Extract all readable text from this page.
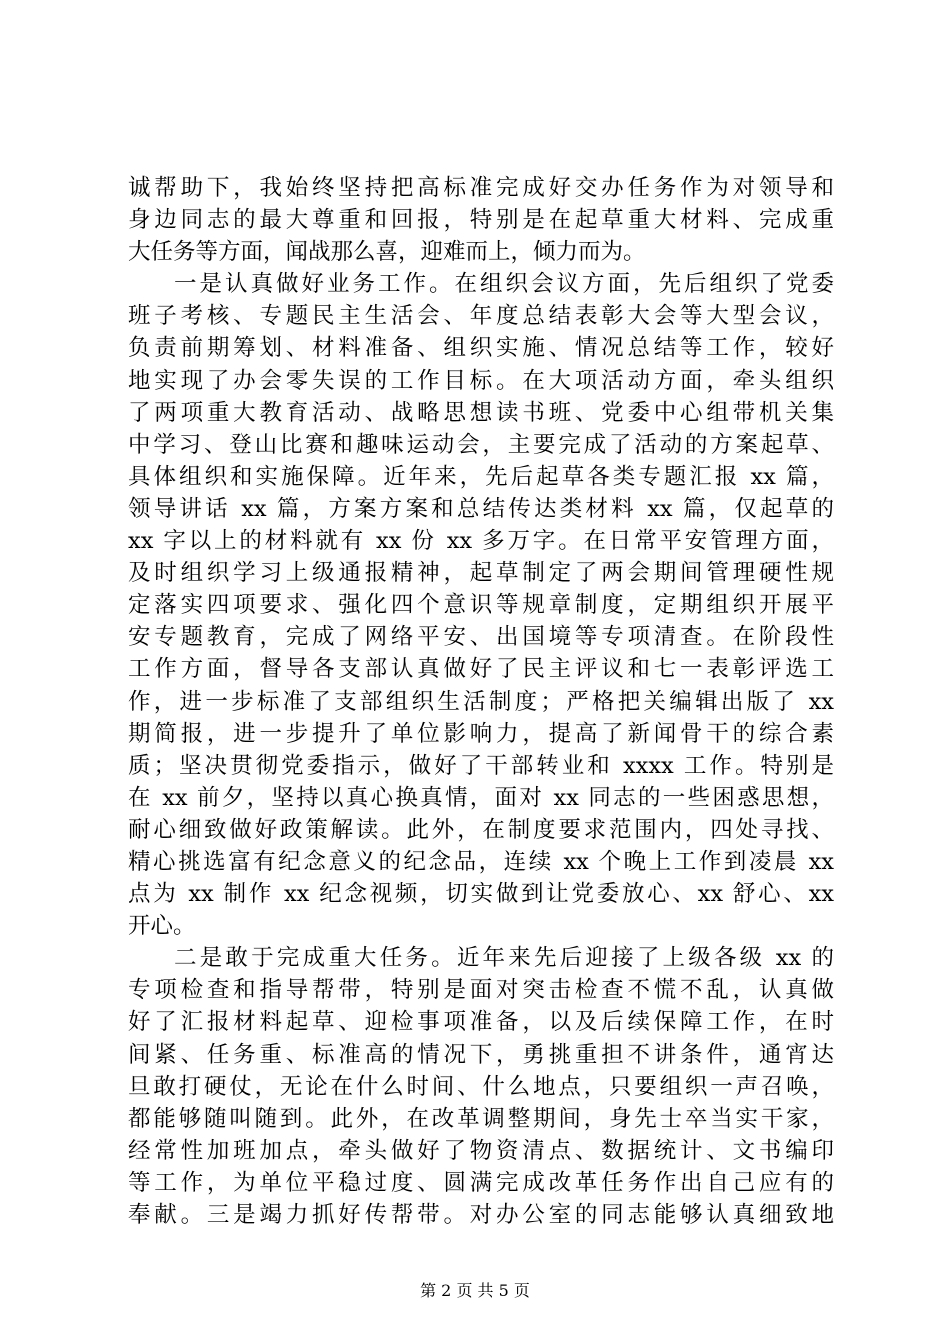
诚帮助下，我始终坚持把高标准完成好交办任务作为对领导和
身边同志的最大尊重和回报，特别是在起草重大材料、完成重
大任务等方面，闻战那么喜，迎难而上，倾力而为。
一是认真做好业务工作。在组织会议方面，先后组织了党委
班子考核、专题民主生活会、年度总结表彰大会等大型会议，
负责前期筹划、材料准备、组织实施、情况总结等工作，较好
地实现了办会零失误的工作目标。在大项活动方面，牵头组织
了两项重大教育活动、战略思想读书班、党委中心组带机关集
中学习、登山比赛和趣味运动会，主要完成了活动的方案起草、
具体组织和实施保障。近年来，先后起草各类专题汇报 xx 篇，
领导讲话 xx 篇，方案方案和总结传达类材料 xx 篇，仅起草的
xx 字以上的材料就有 xx 份 xx 多万字。在日常平安管理方面，
及时组织学习上级通报精神，起草制定了两会期间管理硬性规
定落实四项要求、强化四个意识等规章制度，定期组织开展平
安专题教育，完成了网络平安、出国境等专项清查。在阶段性
工作方面，督导各支部认真做好了民主评议和七一表彰评选工
作，进一步标准了支部组织生活制度；严格把关编辑出版了 xx
期简报，进一步提升了单位影响力，提高了新闻骨干的综合素
质；坚决贯彻党委指示，做好了干部转业和 xxxx 工作。特别是
在 xx 前夕，坚持以真心换真情，面对 xx 同志的一些困惑思想，
耐心细致做好政策解读。此外，在制度要求范围内，四处寻找、
精心挑选富有纪念意义的纪念品，连续 xx 个晚上工作到凌晨 xx
点为 xx 制作 xx 纪念视频，切实做到让党委放心、xx 舒心、xx
开心。
二是敢于完成重大任务。近年来先后迎接了上级各级 xx 的
专项检查和指导帮带，特别是面对突击检查不慌不乱，认真做
好了汇报材料起草、迎检事项准备，以及后续保障工作，在时
间紧、任务重、标准高的情况下，勇挑重担不讲条件，通宵达
旦敢打硬仗，无论在什么时间、什么地点，只要组织一声召唤，
都能够随叫随到。此外，在改革调整期间，身先士卒当实干家，
经常性加班加点，牵头做好了物资清点、数据统计、文书编印
等工作，为单位平稳过度、圆满完成改革任务作出自己应有的
奉献。三是竭力抓好传帮带。对办公室的同志能够认真细致地
第 2 页 共 5 页
